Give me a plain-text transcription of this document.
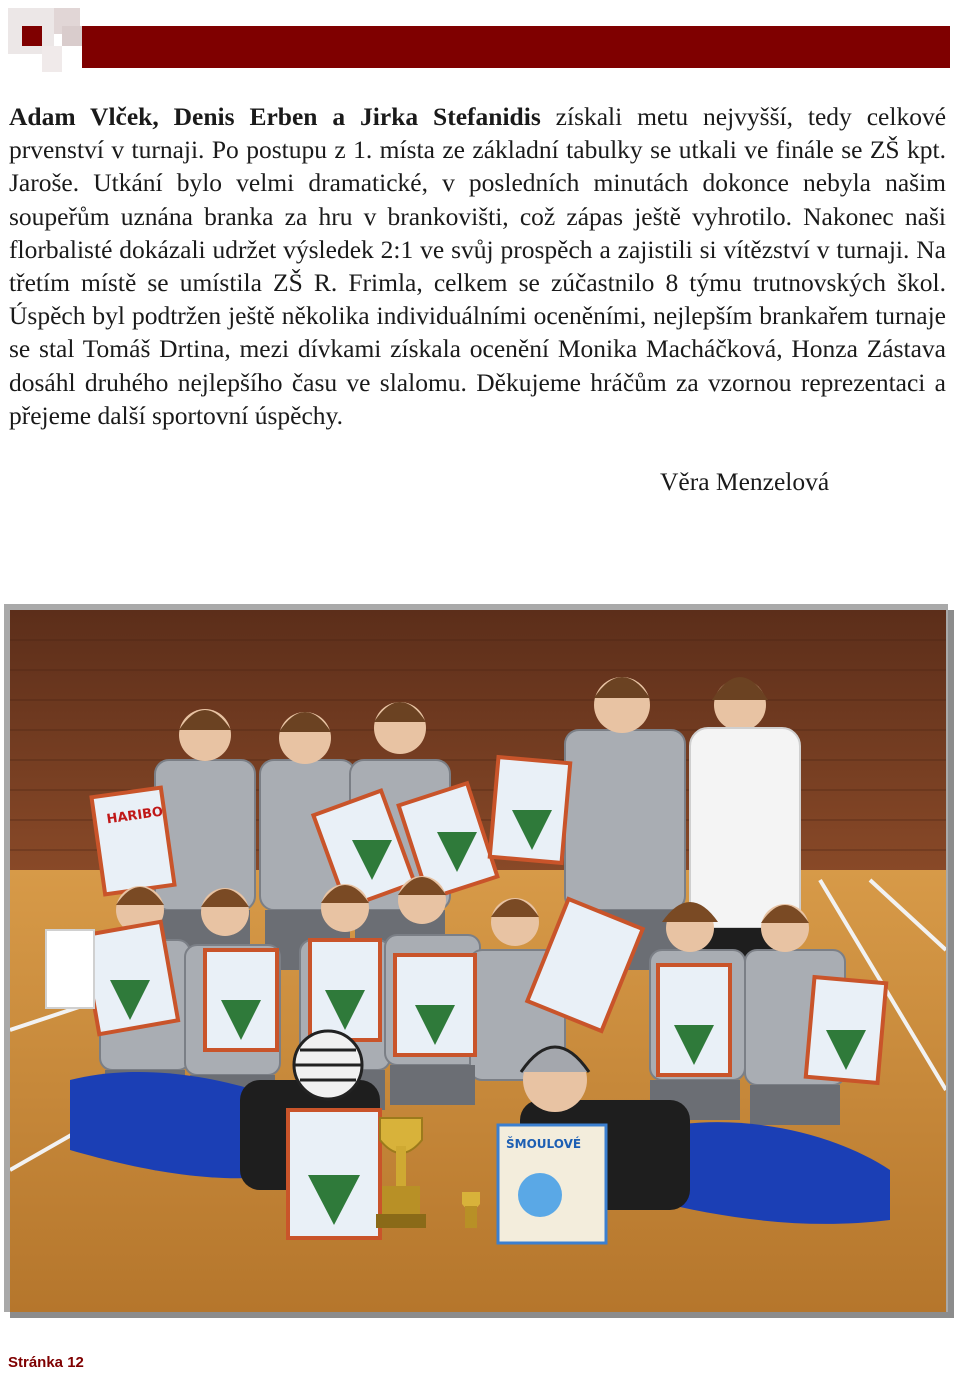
Adam Vlček, Denis Erben a Jirka Stefanidis získali metu nejvyšší, tedy celkové prvenství v turnaji. Po postupu z 1. místa ze základní tabulky se utkali ve finále se ZŠ kpt. Jaroše. Utkání bylo velmi dramatické, v posledních minutách dokonce nebyla našim soupeřům uznána branka za hru v brankovišti, což zápas ještě vyhrotilo. Nakonec naši florbalisté dokázali udržet výsledek 2:1 ve svůj prospěch a zajistili si vítězství v turnaji. Na třetím místě se umístila ZŠ R. Frimla, celkem se zúčastnilo 8 týmu trutnovských škol. Úspěch byl podtržen ještě několika individuálními oceněními, nejlepším brankařem turnaje se stal Tomáš Drtina, mezi dívkami získala ocenění Monika Macháčková, Honza Zástava dosáhl druhého nejlepšího času ve slalomu. Děkujeme hráčům za vzornou reprezentaci a přejeme další sportovní úspěchy.

Věra Menzelová
HARIBO
ŠMOULOVÉ
Stránka 12
